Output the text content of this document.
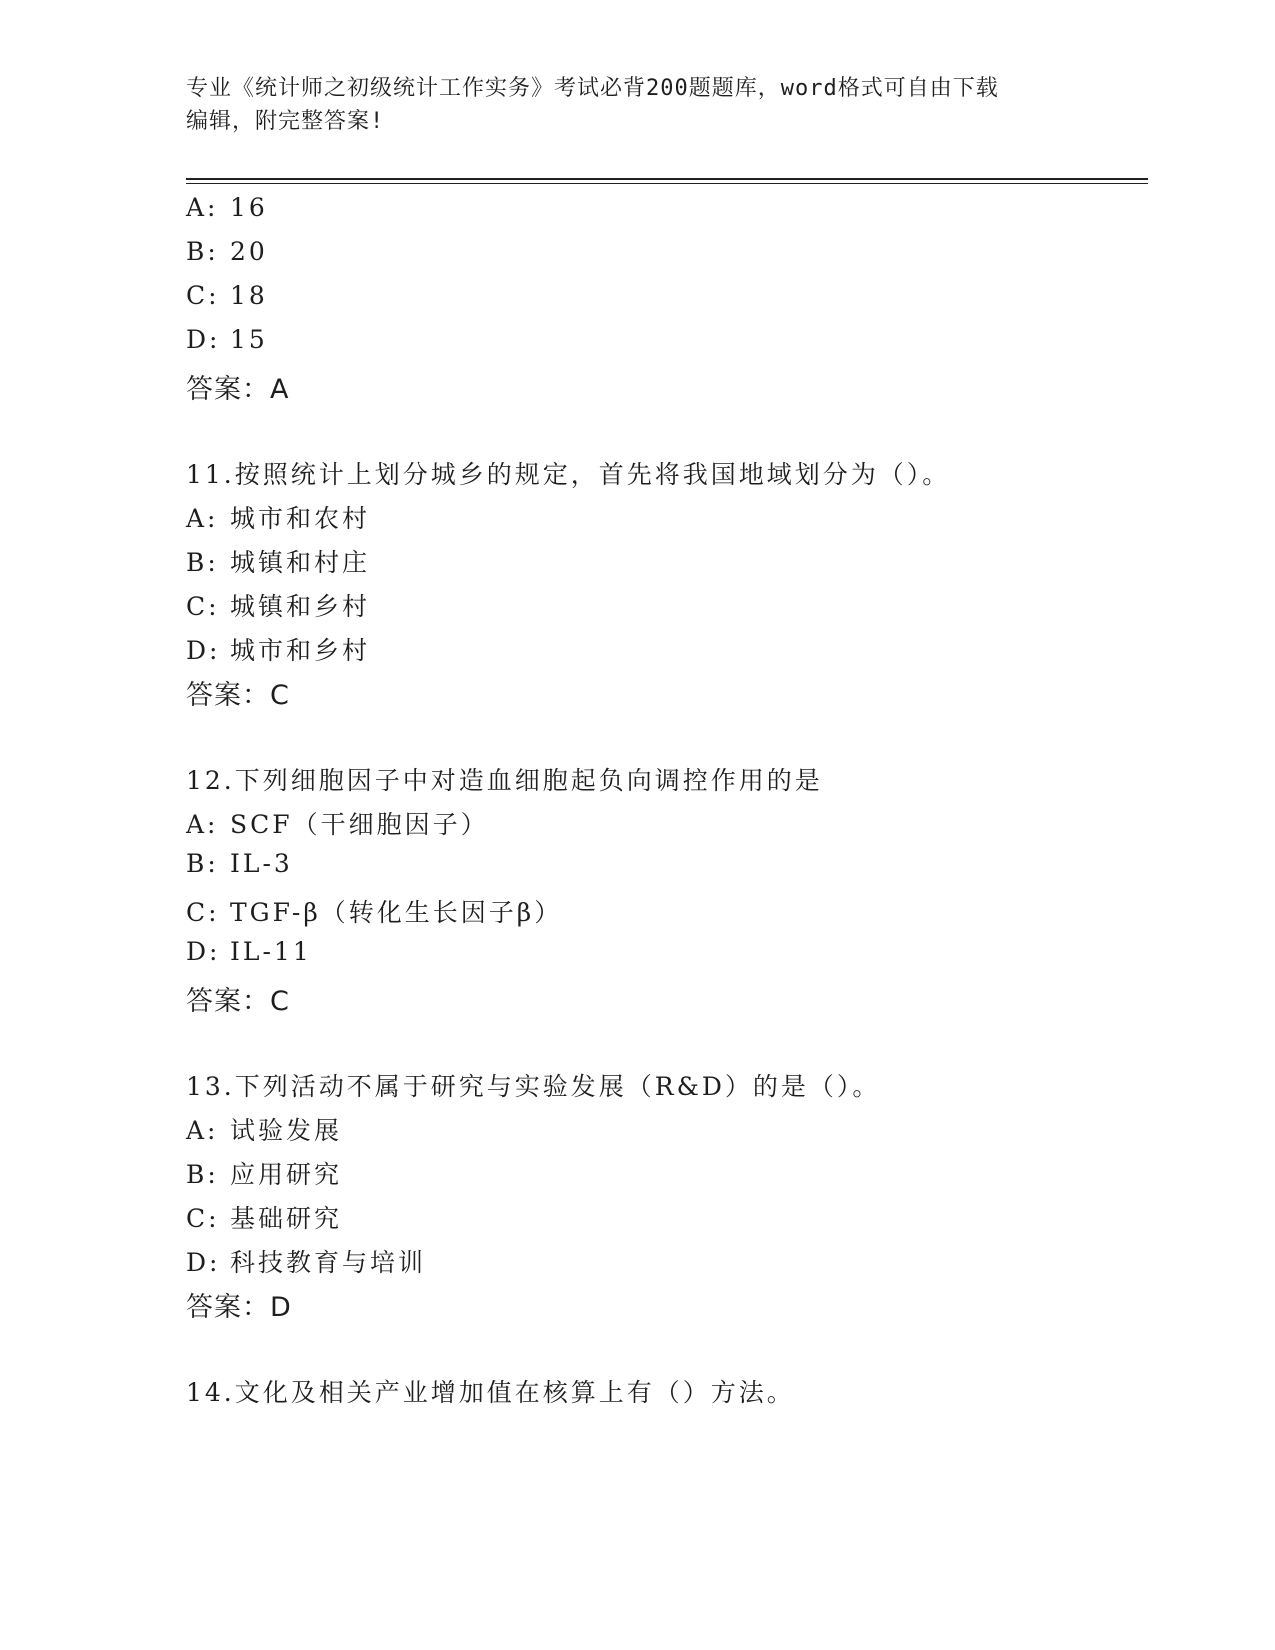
专业《统计师之初级统计工作实务》考试必背200题题库，word格式可自由下载
编辑，附完整答案!
A: 16
B: 20
C: 18
D: 15
答案：A
11.按照统计上划分城乡的规定，首先将我国地域划分为（）。
A: 城市和农村
B: 城镇和村庄
C: 城镇和乡村
D: 城市和乡村
答案：C
12.下列细胞因子中对造血细胞起负向调控作用的是
A: SCF（干细胞因子）
B: IL-3
C: TGF-β（转化生长因子β）
D: IL-11
答案：C
13.下列活动不属于研究与实验发展（R&D）的是（）。
A: 试验发展
B: 应用研究
C: 基础研究
D: 科技教育与培训
答案：D
14.文化及相关产业增加值在核算上有（）方法。
